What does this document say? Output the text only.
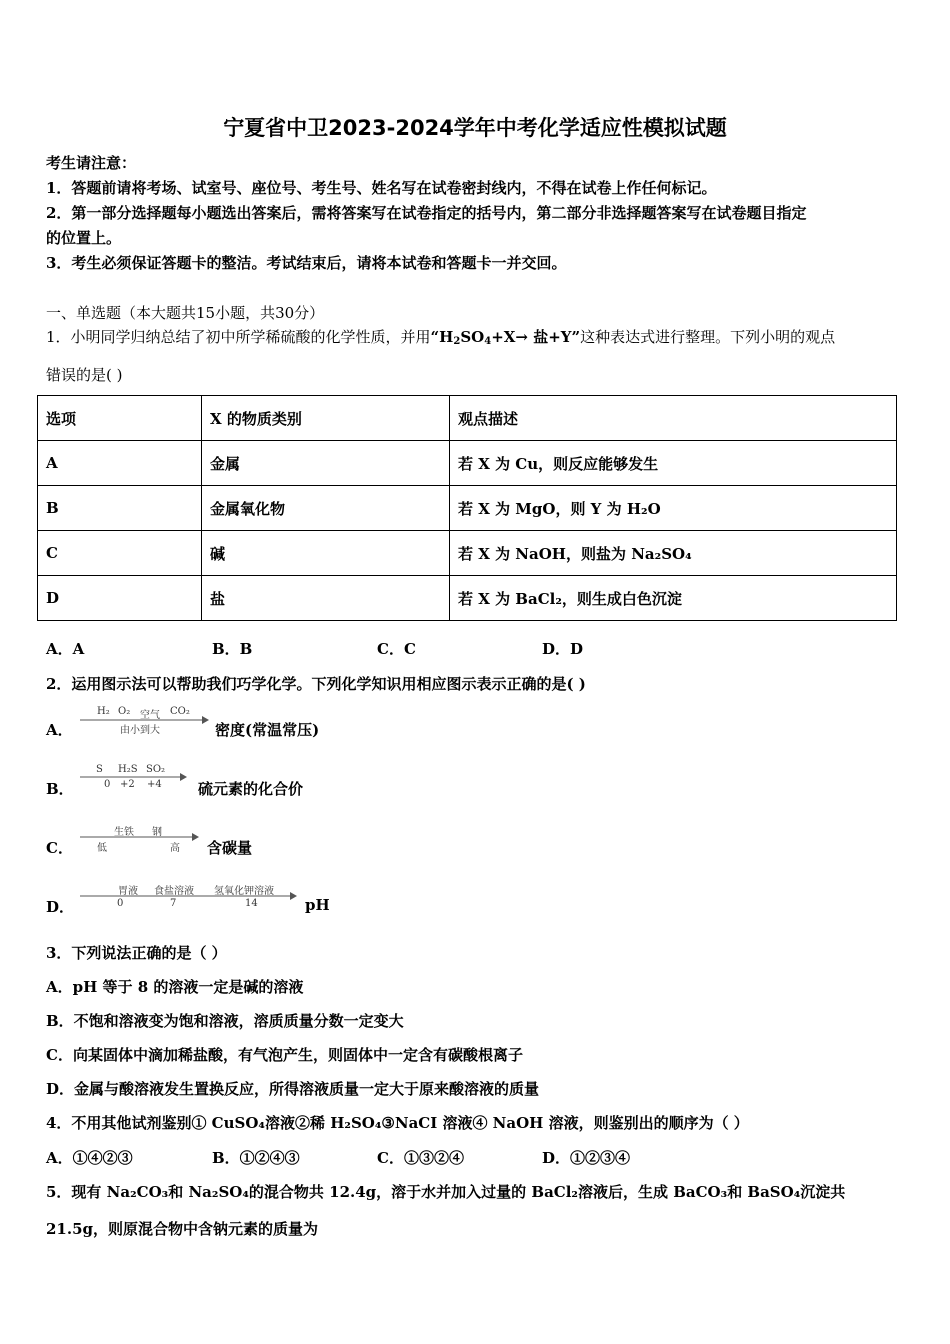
宁夏省中卫2023-2024学年中考化学适应性模拟试题
考生请注意：
1．答题前请将考场、试室号、座位号、考生号、姓名写在试卷密封线内，不得在试卷上作任何标记。
2．第一部分选择题每小题选出答案后，需将答案写在试卷指定的括号内，第二部分非选择题答案写在试卷题目指定
的位置上。
3．考生必须保证答题卡的整洁。考试结束后，请将本试卷和答题卡一并交回。
一、单选题（本大题共15小题，共30分）
1．小明同学归纳总结了初中所学稀硫酸的化学性质，并用“$H_2SO_4+X\to$ 盐+Y”这种表达式进行整理。下列小明的观点
错误的是( )
选项	X 的物质类别	观点描述
A	金属	若 X 为 Cu，则反应能够发生
B	金属氧化物	若 X 为 MgO，则 Y 为 H₂O
C	碱	若 X 为 NaOH，则盐为 Na₂SO₄
D	盐	若 X 为 BaCl₂，则生成白色沉淀
A．A	B．B	C．C	D．D
2．运用图示法可以帮助我们巧学化学。下列化学知识用相应图示表示正确的是( )
A．
H₂ O₂ 空气 CO₂
由小到大	密度(常温常压)
B．
S H₂S SO₂
0 +2 +4 硫元素的化合价
C．
生铁 钢
低	高 含碳量
D．
胃液 食盐溶液 氢氧化钾溶液
0	7	14	pH
3．下列说法正确的是（ ）
A．pH 等于 8 的溶液一定是碱的溶液
B．不饱和溶液变为饱和溶液，溶质质量分数一定变大
C．向某固体中滴加稀盐酸，有气泡产生，则固体中一定含有碳酸根离子
D．金属与酸溶液发生置换反应，所得溶液质量一定大于原来酸溶液的质量
4．不用其他试剂鉴别① CuSO₄溶液②稀 H₂SO₄③NaCI 溶液④ NaOH 溶液，则鉴别出的顺序为（ ）
A．①④②③	B．①②④③	C．①③②④	D．①②③④
5．现有 Na₂CO₃和 Na₂SO₄的混合物共 12.4g，溶于水并加入过量的 BaCl₂溶液后，生成 BaCO₃和 BaSO₄沉淀共
21.5g，则原混合物中含钠元素的质量为
